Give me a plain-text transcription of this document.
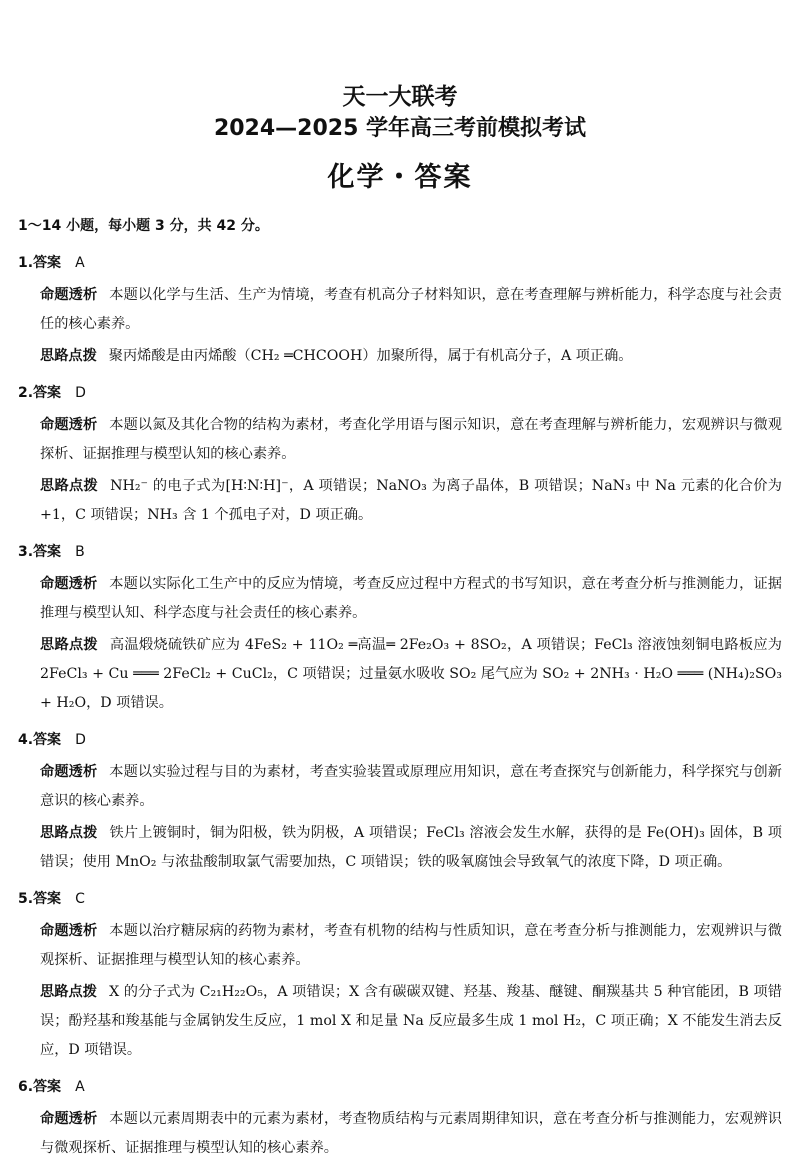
天一大联考
2024—2025 学年高三考前模拟考试
化学・答案
1～14 小题，每小题 3 分，共 42 分。
1.答案 A
命题透析 本题以化学与生活、生产为情境，考查有机高分子材料知识，意在考查理解与辨析能力，科学态度与社会责任的核心素养。
思路点拨 聚丙烯酸是由丙烯酸（CH₂ ═CHCOOH）加聚所得，属于有机高分子，A 项正确。
2.答案 D
命题透析 本题以氮及其化合物的结构为素材，考查化学用语与图示知识，意在考查理解与辨析能力，宏观辨识与微观探析、证据推理与模型认知的核心素养。
思路点拨 NH₂⁻ 的电子式为[H∶N∶H]⁻，A 项错误；NaNO₃ 为离子晶体，B 项错误；NaN₃ 中 Na 元素的化合价为 +1，C 项错误；NH₃ 含 1 个孤电子对，D 项正确。
3.答案 B
命题透析 本题以实际化工生产中的反应为情境，考查反应过程中方程式的书写知识，意在考查分析与推测能力，证据推理与模型认知、科学态度与社会责任的核心素养。
思路点拨 高温煅烧硫铁矿应为 4FeS₂ + 11O₂ ═高温═ 2Fe₂O₃ + 8SO₂，A 项错误；FeCl₃ 溶液蚀刻铜电路板应为 2FeCl₃ + Cu ═══ 2FeCl₂ + CuCl₂，C 项错误；过量氨水吸收 SO₂ 尾气应为 SO₂ + 2NH₃ · H₂O ═══ (NH₄)₂SO₃ + H₂O，D 项错误。
4.答案 D
命题透析 本题以实验过程与目的为素材，考查实验装置或原理应用知识，意在考查探究与创新能力，科学探究与创新意识的核心素养。
思路点拨 铁片上镀铜时，铜为阳极，铁为阴极，A 项错误；FeCl₃ 溶液会发生水解，获得的是 Fe(OH)₃ 固体，B 项错误；使用 MnO₂ 与浓盐酸制取氯气需要加热，C 项错误；铁的吸氧腐蚀会导致氧气的浓度下降，D 项正确。
5.答案 C
命题透析 本题以治疗糖尿病的药物为素材，考查有机物的结构与性质知识，意在考查分析与推测能力，宏观辨识与微观探析、证据推理与模型认知的核心素养。
思路点拨 X 的分子式为 C₂₁H₂₂O₅，A 项错误；X 含有碳碳双键、羟基、羧基、醚键、酮羰基共 5 种官能团，B 项错误；酚羟基和羧基能与金属钠发生反应，1 mol X 和足量 Na 反应最多生成 1 mol H₂，C 项正确；X 不能发生消去反应，D 项错误。
6.答案 A
命题透析 本题以元素周期表中的元素为素材，考查物质结构与元素周期律知识，意在考查分析与推测能力，宏观辨识与微观探析、证据推理与模型认知的核心素养。
